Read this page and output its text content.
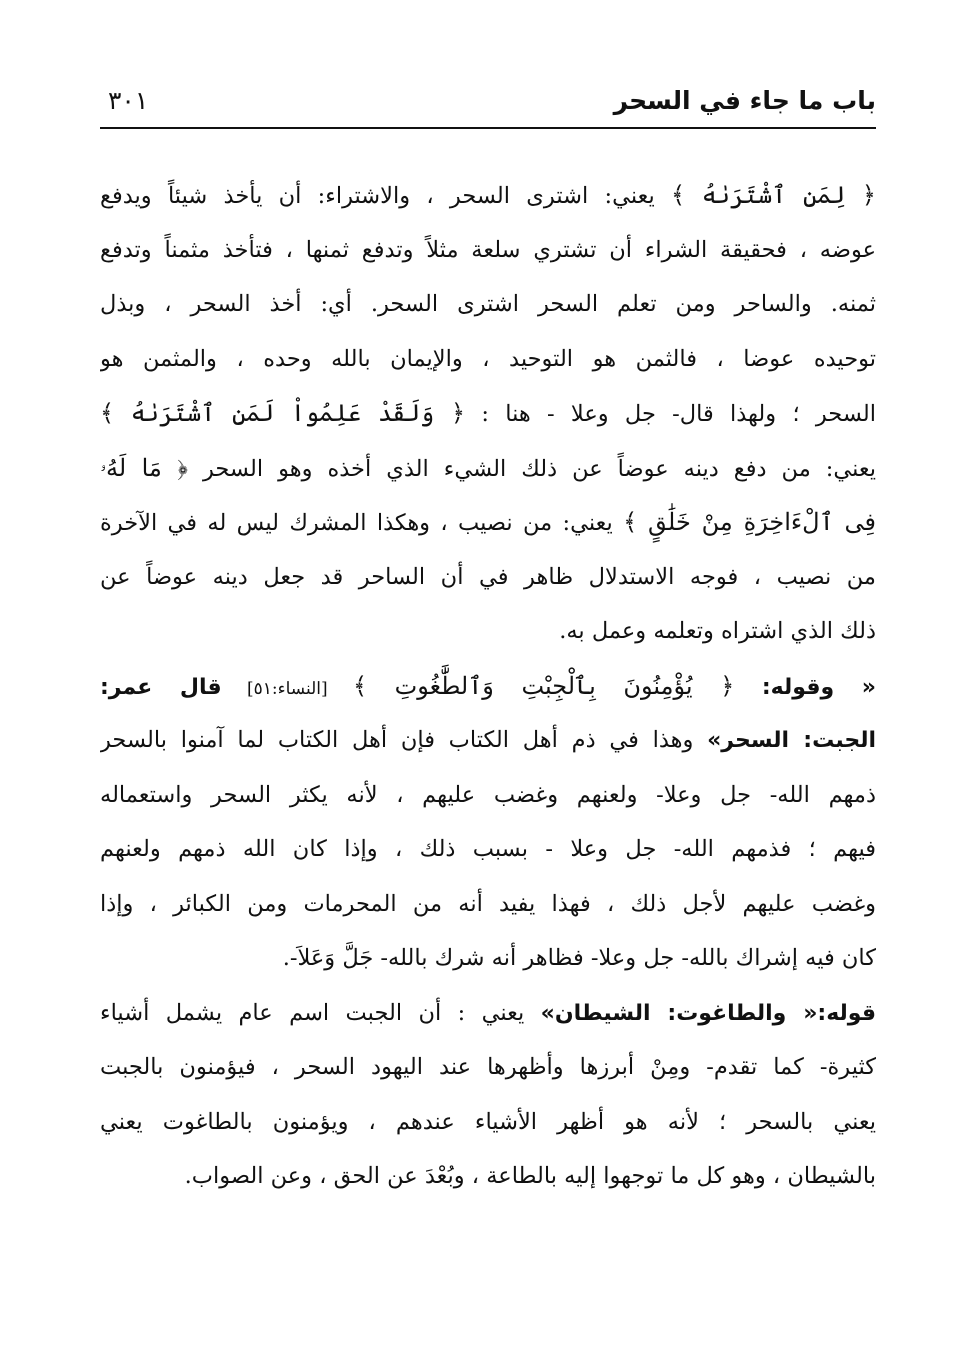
باب ما جاء في السحر
٣٠١
﴿ لِمَنِ ٱشْتَرَىٰهُ ﴾ يعني: اشترى السحر ، والاشتراء: أن يأخذ شيئاً ويدفع
عوضه ، فحقيقة الشراء أن تشتري سلعة مثلاً وتدفع ثمنها ، فتأخذ مثمناً وتدفع
ثمنه. والساحر ومن تعلم السحر اشترى السحر. أي: أخذ السحر ، وبذل
توحيده عوضا ، فالثمن هو التوحيد ، والإيمان بالله وحده ، والمثمن هو
السحر ؛ ولهذا قال- جل وعلا - هنا : ﴿ وَلَقَدْ عَلِمُواْ لَمَنِ ٱشْتَرَىٰهُ ﴾
يعني: من دفع دينه عوضاً عن ذلك الشيء الذي أخذه وهو السحر ﴿ مَا لَهُۥ
فِى ٱلْءَاخِرَةِ مِنْ خَلَٰقٍ ﴾ يعني: من نصيب ، وهكذا المشرك ليس له في الآخرة
من نصيب ، فوجه الاستدلال ظاهر في أن الساحر قد جعل دينه عوضاً عن
ذلك الذي اشتراه وتعلمه وعمل به.
« وقوله: ﴿ يُؤْمِنُونَ بِٱلْجِبْتِ وَٱلطَّٰغُوتِ ﴾ [النساء:٥١] قال عمر:
الجبت: السحر» وهذا في ذم أهل الكتاب فإن أهل الكتاب لما آمنوا بالسحر
ذمهم الله- جل وعلا- ولعنهم وغضب عليهم ، لأنه يكثر السحر واستعماله
فيهم ؛ فذمهم الله- جل وعلا - بسبب ذلك ، وإذا كان الله ذمهم ولعنهم
وغضب عليهم لأجل ذلك ، فهذا يفيد أنه من المحرمات ومن الكبائر ، وإذا
كان فيه إشراك بالله- جل وعلا- فظاهر أنه شرك بالله- جَلَّ وَعَلاَ-.
قوله:« والطاغوت: الشيطان» يعني : أن الجبت اسم عام يشمل أشياء
كثيرة- كما تقدم- ومِنْ أبرزها وأظهرها عند اليهود السحر ، فيؤمنون بالجبت
يعني بالسحر ؛ لأنه هو أظهر الأشياء عندهم ، ويؤمنون بالطاغوت يعني
بالشيطان ، وهو كل ما توجهوا إليه بالطاعة ، وبُعْدَ عن الحق ، وعن الصواب.
